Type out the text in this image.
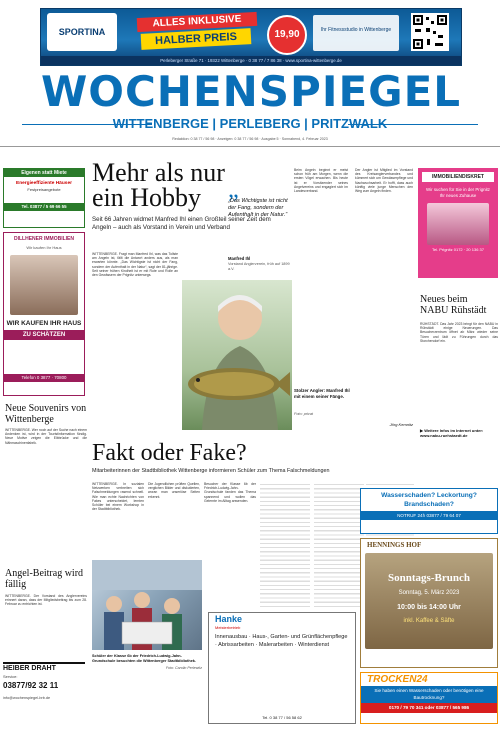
SPORTINA
ALLES INKLUSIVE
HALBER PREIS	19,90	Ihr Fitnessstudio in Wittenberge
Perleberger Straße 71 · 19322 Wittenberge · 0 38 77 / 7 86 38 · www.sportina-wittenberge.de
WOCHENSPIEGEL
WITTENBERGE | PERLEBERG | PRITZWALK
Redaktion: 0 38 77 / 56 98 · Anzeigen: 0 38 77 / 56 98 · Ausgabe 5 · Sonnabend, 4. Februar 2023
Eigenen statt Miete
Energieeffiziente Häuser
Festpreisangebote
Tel. 03877 / 5 69 66 55
DILLHENER IMMOBILIEN
Wir kaufen Ihr Haus
WIR KAUFEN IHR HAUS
ZU SCHÄTZEN
Telefon 0 3877 · 70800
Neue Souvenirs von Wittenberge
WITTENBERGE. Wer noch auf der Suche nach einem Andenken ist, wird in der Touristinformation fündig. Neue Motive zeigen die Elbbrücke und die Nähmaschinenfabrik.
Angel-Beitrag wird fällig
WITTENBERGE. Der Vorstand des Anglervereins erinnert daran, dass der Mitgliedsbeitrag bis zum 28. Februar zu entrichten ist.
HEIBER DRAHT
Service:
03877/92 32 11
info@wochenspiegel-brb.de
Mehr als nur
ein Hobby
Seit 66 Jahren widmet Manfred Ihl einen Großteil seiner Zeit dem Angeln – auch als Vorstand in Verein und Verband
WITTENBERGE. Fragt man Manfred Ihl, was das Tollste am Angeln ist, fällt die Antwort anders aus, als man erwarten könnte. „Das Wichtigste ist nicht der Fang, sondern der Aufenthalt in der Natur“, sagt der 81-jährige. Seit seiner frühen Kindheit ist er mit Rute und Rolle an den Gewässern der Prignitz unterwegs.
„
„Das Wichtigste ist nicht der Fang, sondern der Aufenthalt in der Natur.“
Manfred Ihl
Vorstand Anglerverein, früh auf 1899 a.V.
Stolzer Angler: Manfred Ihl mit einem seiner Fänge.
Foto: privat
Beim Angeln beginnt er meist schon früh am Morgen, wenn die ersten Vögel erwachen. Bis heute ist er Vorsitzender seines Angelvereins und engagiert sich im Landesverband.
Der Angler ist Mitglied im Vorstand des Kreisanglerverbandes und kümmert sich um Gewässerpflege und Nachwuchsarbeit. Er hofft, dass auch künftig viele junge Menschen den Weg zum Angeln finden.
Jörg Kemnitz
IMMOBILIENDISKRET
Wir suchen für Sie in der Prignitz Ihr neues Zuhause
Tel. Prignitz 0172 · 20 136 37
Neues beim NABU Rühstädt
RÜHSTÄDT. Das Jahr 2023 bringt für den NABU in Rühstädt einige Neuerungen. Das Besucherzentrum öffnet ab März wieder seine Türen und lädt zu Führungen durch das Storchendorf ein.
▶ Weitere Infos im Internet unter:
www.nabu-ruehstaedt.de
Fakt oder Fake?
Mitarbeiterinnen der Stadtbibliothek Wittenberge informieren Schüler zum Thema Falschmeldungen
WITTENBERGE. In sozialen Netzwerken verbreiten sich Falschmeldungen rasend schnell. Wie man echte Nachrichten von Fakes unterscheidet, lernten Schüler bei einem Workshop in der Stadtbibliothek.
Die Jugendlichen prüften Quellen, verglichen Bilder und diskutierten, woran man unseriöse Seiten erkennt.
Besucher der Klasse 6b der Friedrich-Ludwig-Jahn-Grundschule fanden das Thema spannend und wollen das Gelernte im Alltag anwenden.
Schüler der Klasse 6b der Friedrich-Ludwig-Jahn-Grundschule besuchten die Wittenberger Stadtbibliothek.
Foto: Carolin Perlewitz
Hanke
Meisterbetrieb
Innenausbau · Haus-, Garten- und Grünflächenpflege · Abrissarbeiten · Malerarbeiten · Winterdienst
Tel. 0 38 77 / 56 58 62
Wasserschaden? Leckortung? Brandschaden?
NOTRUF 24h 03877 / 79 64 07
HENNINGS HOF
Sonntags-Brunch
Sonntag, 5. März 2023
10:00 bis 14:00 Uhr
inkl. Kaffee & Säfte
TROCKEN24
Sie haben einen Wasserschaden oder benötigen eine Bautrocknung?
0170 / 79 70 341 oder 03877 / 565 986
